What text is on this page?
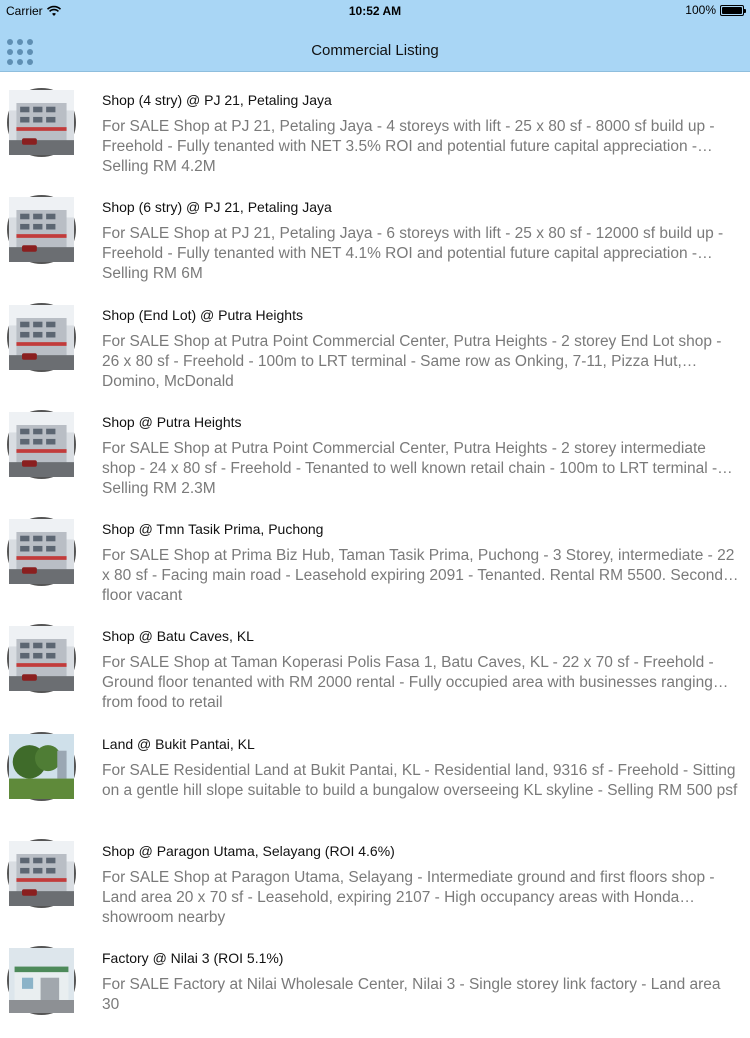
Carrier	10:52 AM	100%
Commercial Listing
Shop (4 stry) @ PJ 21, Petaling Jaya
For SALE Shop at PJ 21, Petaling Jaya - 4 storeys with lift - 25 x 80 sf - 8000 sf build up - Freehold - Fully tenanted with NET 3.5% ROI and potential future capital appreciation - Selling RM 4.2M
Shop (6 stry) @ PJ 21, Petaling Jaya
For SALE Shop at PJ 21, Petaling Jaya - 6 storeys with lift - 25 x 80 sf - 12000 sf build up - Freehold - Fully tenanted with NET 4.1% ROI and potential future capital appreciation - Selling RM 6M
Shop (End Lot) @ Putra Heights
For SALE Shop at Putra Point Commercial Center, Putra Heights - 2 storey End Lot shop - 26 x 80 sf - Freehold - 100m to LRT terminal - Same row as Onking, 7-11, Pizza Hut, Domino, McDonald
Shop @ Putra Heights
For SALE Shop at Putra Point Commercial Center, Putra Heights - 2 storey intermediate shop - 24 x 80 sf - Freehold - Tenanted to well known retail chain - 100m to LRT terminal - Selling RM 2.3M
Shop @ Tmn Tasik Prima, Puchong
For SALE Shop at Prima Biz Hub, Taman Tasik Prima, Puchong - 3 Storey, intermediate - 22 x 80 sf - Facing main road - Leasehold expiring 2091 - Tenanted. Rental RM 5500. Second floor vacant
Shop @ Batu Caves, KL
For SALE Shop at Taman Koperasi Polis Fasa 1, Batu Caves, KL - 22 x 70 sf - Freehold - Ground floor tenanted with RM 2000 rental - Fully occupied area with businesses ranging from food to retail
Land @ Bukit Pantai, KL
For SALE Residential Land at Bukit Pantai, KL - Residential land, 9316 sf - Freehold - Sitting on a gentle hill slope suitable to build a bungalow overseeing KL skyline - Selling RM 500 psf
Shop @ Paragon Utama, Selayang (ROI 4.6%)
For SALE Shop at Paragon Utama, Selayang - Intermediate ground and first floors shop - Land area 20 x 70 sf - Leasehold, expiring 2107 - High occupancy areas with Honda showroom nearby
Factory @ Nilai 3 (ROI 5.1%)
For SALE Factory at Nilai Wholesale Center, Nilai 3 - Single storey link factory - Land area 30
